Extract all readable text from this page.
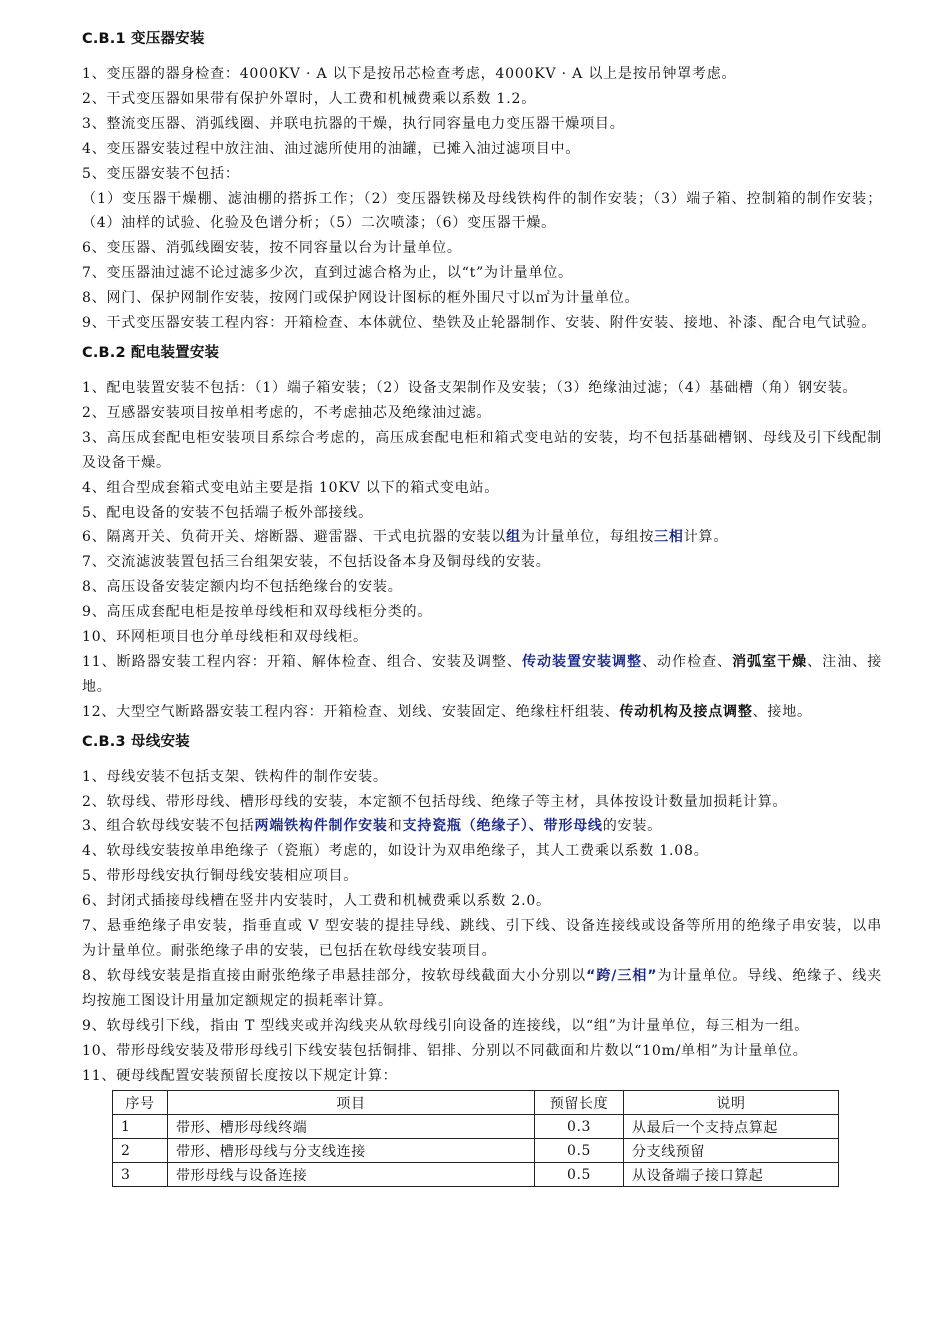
C.B.1 变压器安装
1、变压器的器身检查：4000KV · A 以下是按吊芯检查考虑，4000KV · A 以上是按吊钟罩考虑。
2、干式变压器如果带有保护外罩时，人工费和机械费乘以系数 1.2。
3、整流变压器、消弧线圈、并联电抗器的干燥，执行同容量电力变压器干燥项目。
4、变压器安装过程中放注油、油过滤所使用的油罐，已摊入油过滤项目中。
5、变压器安装不包括：
（1）变压器干燥棚、滤油棚的搭拆工作；（2）变压器铁梯及母线铁构件的制作安装；（3）端子箱、控制箱的制作安装；（4）油样的试验、化验及色谱分析；（5）二次喷漆；（6）变压器干燥。
6、变压器、消弧线圈安装，按不同容量以台为计量单位。
7、变压器油过滤不论过滤多少次，直到过滤合格为止，以“t”为计量单位。
8、网门、保护网制作安装，按网门或保护网设计图标的框外围尺寸以㎡为计量单位。
9、干式变压器安装工程内容：开箱检查、本体就位、垫铁及止轮器制作、安装、附件安装、接地、补漆、配合电气试验。
C.B.2 配电装置安装
1、配电装置安装不包括：（1）端子箱安装；（2）设备支架制作及安装；（3）绝缘油过滤；（4）基础槽（角）钢安装。
2、互感器安装项目按单相考虑的，不考虑抽芯及绝缘油过滤。
3、高压成套配电柜安装项目系综合考虑的，高压成套配电柜和箱式变电站的安装，均不包括基础槽钢、母线及引下线配制及设备干燥。
4、组合型成套箱式变电站主要是指 10KV 以下的箱式变电站。
5、配电设备的安装不包括端子板外部接线。
6、隔离开关、负荷开关、熔断器、避雷器、干式电抗器的安装以组为计量单位，每组按三相计算。
7、交流滤波装置包括三台组架安装，不包括设备本身及铜母线的安装。
8、高压设备安装定额内均不包括绝缘台的安装。
9、高压成套配电柜是按单母线柜和双母线柜分类的。
10、环网柜项目也分单母线柜和双母线柜。
11、断路器安装工程内容：开箱、解体检查、组合、安装及调整、传动装置安装调整、动作检查、消弧室干燥、注油、接地。
12、大型空气断路器安装工程内容：开箱检查、划线、安装固定、绝缘柱杆组装、传动机构及接点调整、接地。
C.B.3 母线安装
1、母线安装不包括支架、铁构件的制作安装。
2、软母线、带形母线、槽形母线的安装，本定额不包括母线、绝缘子等主材，具体按设计数量加损耗计算。
3、组合软母线安装不包括两端铁构件制作安装和支持瓷瓶（绝缘子）、带形母线的安装。
4、软母线安装按单串绝缘子（瓷瓶）考虑的，如设计为双串绝缘子，其人工费乘以系数 1.08。
5、带形母线安执行铜母线安装相应项目。
6、封闭式插接母线槽在竖井内安装时，人工费和机械费乘以系数 2.0。
7、悬垂绝缘子串安装，指垂直或 V 型安装的提挂导线、跳线、引下线、设备连接线或设备等所用的绝缘子串安装，以串为计量单位。耐张绝缘子串的安装，已包括在软母线安装项目。
8、软母线安装是指直接由耐张绝缘子串悬挂部分，按软母线截面大小分别以“跨/三相”为计量单位。导线、绝缘子、线夹均按施工图设计用量加定额规定的损耗率计算。
9、软母线引下线，指由 T 型线夹或并沟线夹从软母线引向设备的连接线，以“组”为计量单位，每三相为一组。
10、带形母线安装及带形母线引下线安装包括铜排、铝排、分别以不同截面和片数以“10m/单相”为计量单位。
11、硬母线配置安装预留长度按以下规定计算：
序号	项目	预留长度	说明
1	带形、槽形母线终端	0.3	从最后一个支持点算起
2	带形、槽形母线与分支线连接	0.5	分支线预留
3	带形母线与设备连接	0.5	从设备端子接口算起
